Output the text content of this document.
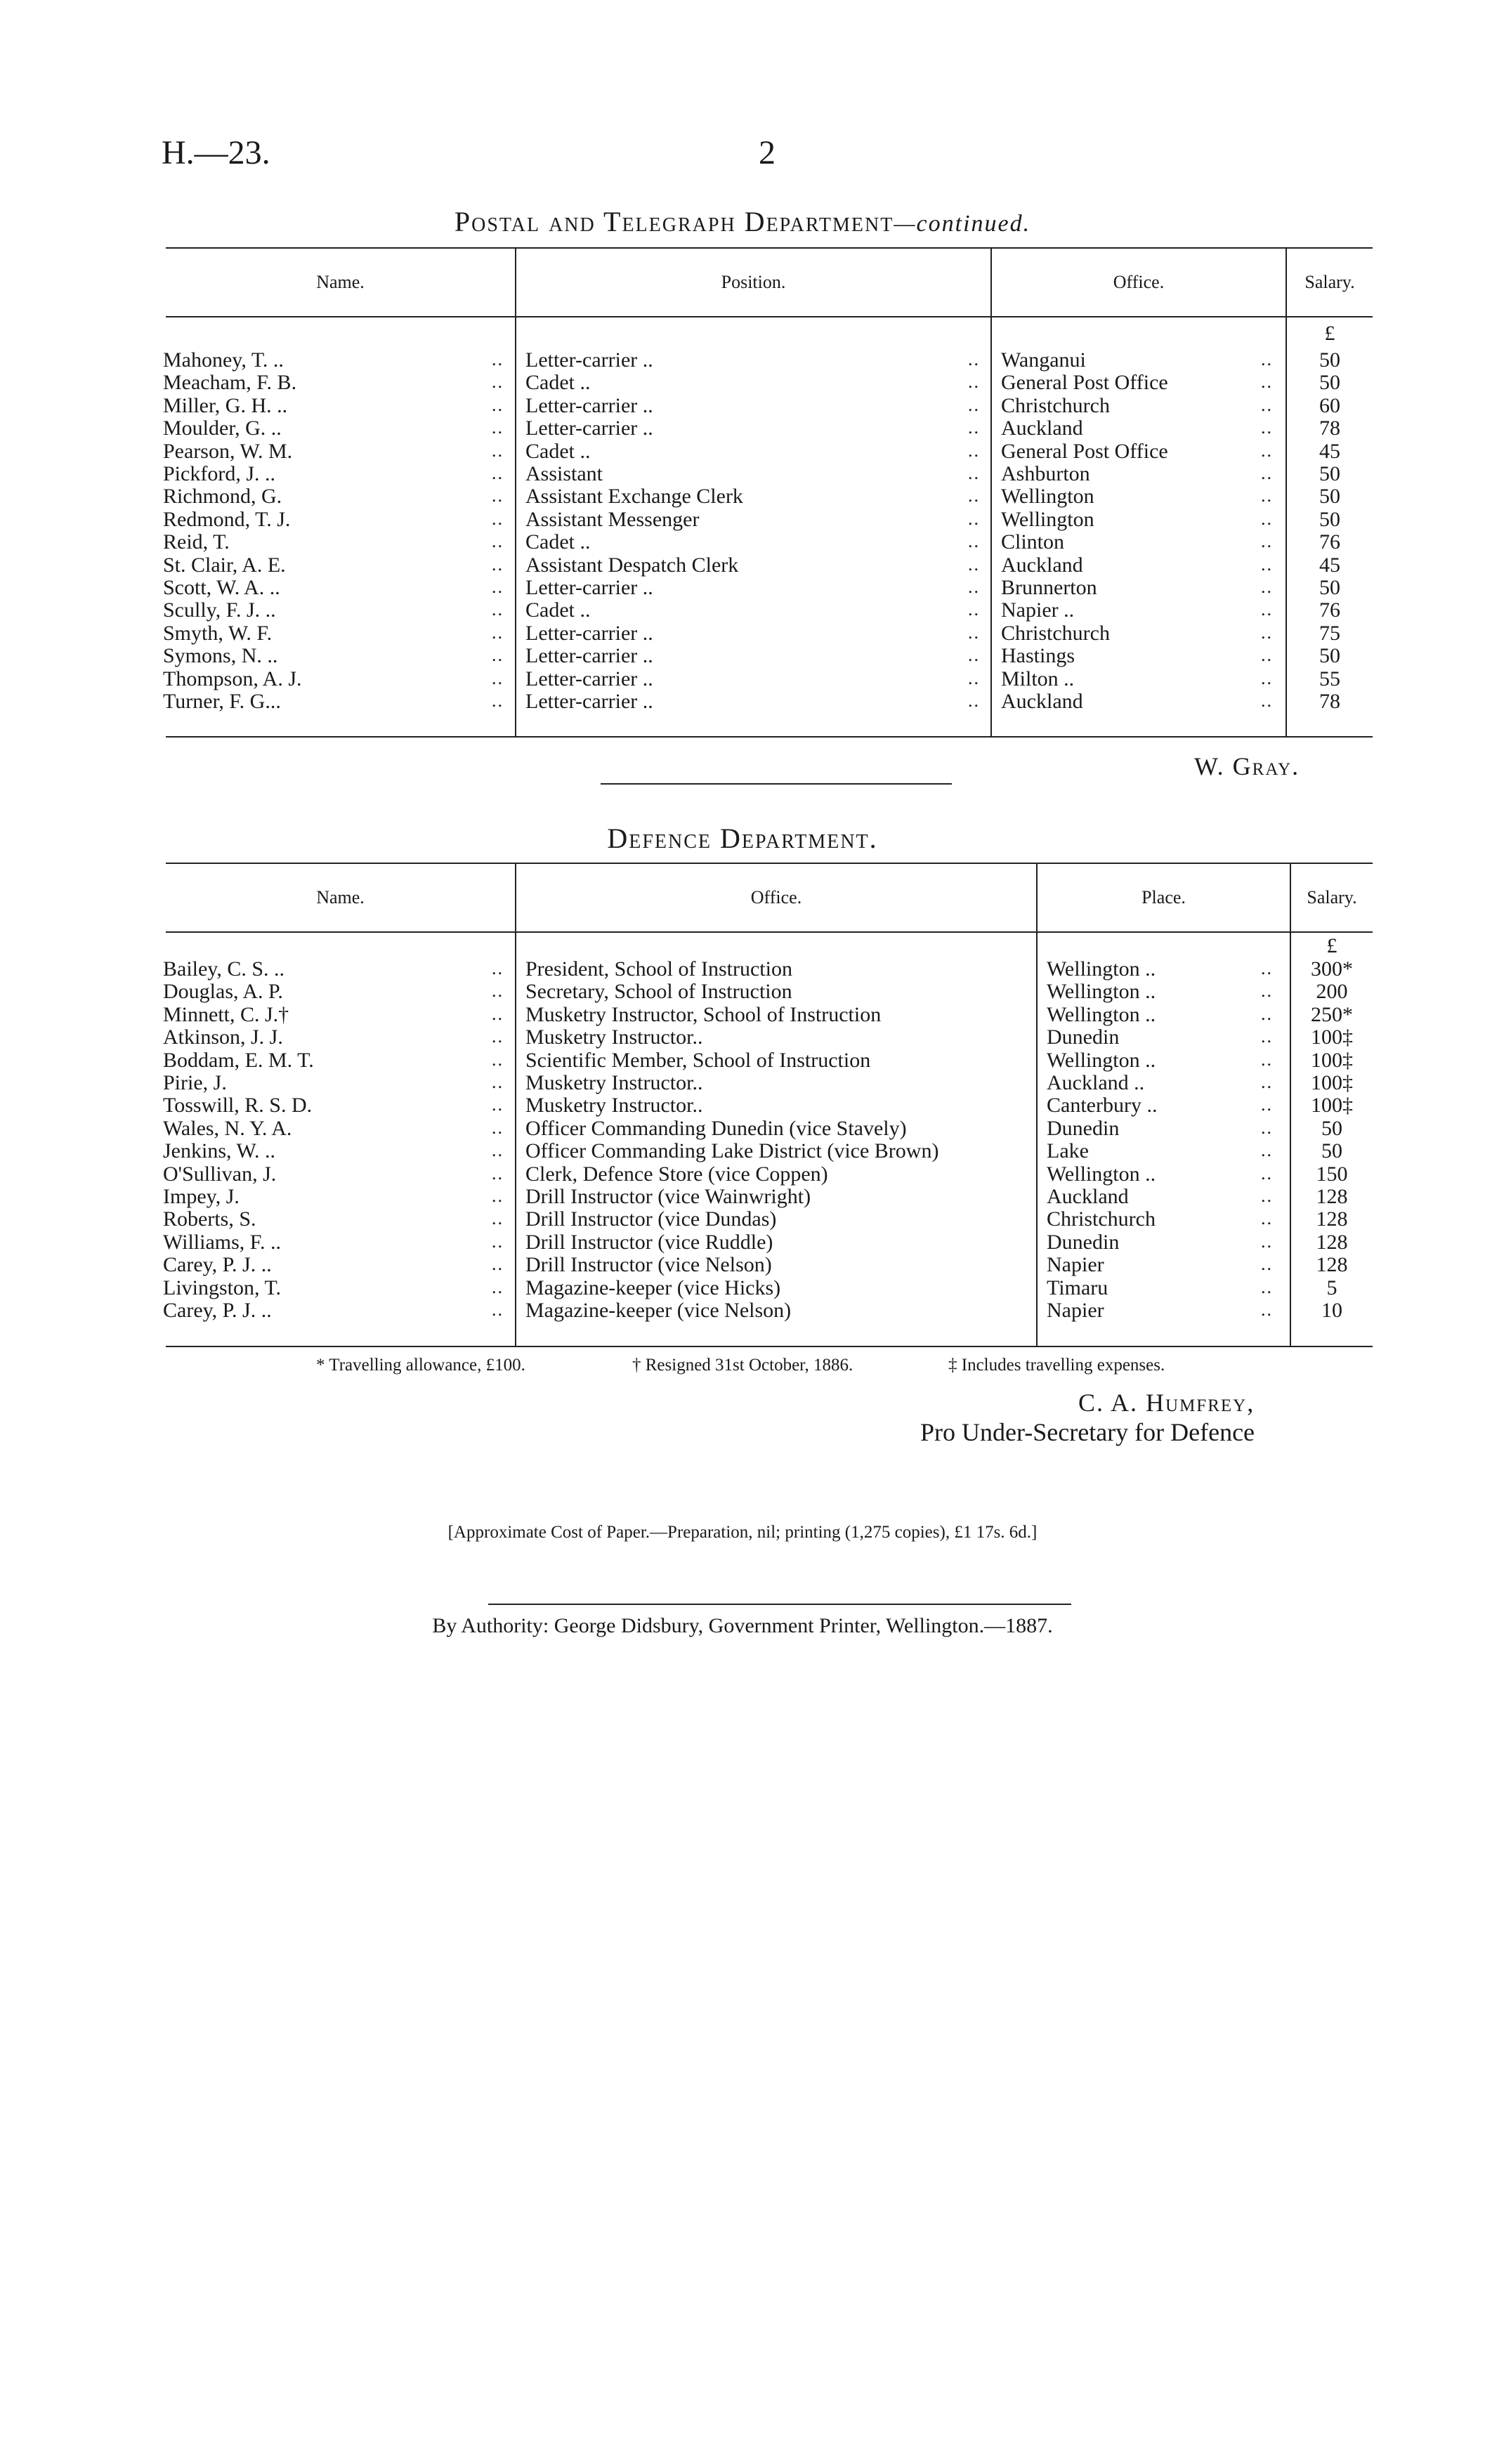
H.—23.	2
Postal and Telegraph Department—continued.
Name.	Position.	Office.	Salary.
£
Mahoney, T. ..	.. Letter-carrier ..	.. Wanganui	..	50
Meacham, F. B.	.. Cadet ..	.. General Post Office	..	50
Miller, G. H. ..	.. Letter-carrier ..	.. Christchurch	..	60
Moulder, G. ..	.. Letter-carrier ..	.. Auckland	..	78
Pearson, W. M.	.. Cadet ..	.. General Post Office	..	45
Pickford, J. ..	.. Assistant	.. Ashburton	..	50
Richmond, G.	.. Assistant Exchange Clerk	.. Wellington	..	50
Redmond, T. J.	.. Assistant Messenger	.. Wellington	..	50
Reid, T.	.. Cadet ..	.. Clinton	..	76
St. Clair, A. E.	.. Assistant Despatch Clerk	.. Auckland	..	45
Scott, W. A. ..	.. Letter-carrier ..	.. Brunnerton	..	50
Scully, F. J. ..	.. Cadet ..	.. Napier ..	..	76
Smyth, W. F.	.. Letter-carrier ..	.. Christchurch	..	75
Symons, N. ..	.. Letter-carrier ..	.. Hastings	..	50
Thompson, A. J.	.. Letter-carrier ..	.. Milton ..	..	55
Turner, F. G...	.. Letter-carrier ..	.. Auckland	..	78
W. Gray.
Defence Department.
Name.	Office.	Place.	Salary.
£
Bailey, C. S. ..	.. President, School of Instruction	Wellington ..	..	300*
Douglas, A. P.	.. Secretary, School of Instruction	Wellington ..	..	200
Minnett, C. J.†	.. Musketry Instructor, School of Instruction	Wellington ..	..	250*
Atkinson, J. J.	.. Musketry Instructor..	Dunedin	..	100‡
Boddam, E. M. T.	.. Scientific Member, School of Instruction	Wellington ..	..	100‡
Pirie, J.	.. Musketry Instructor..	Auckland ..	..	100‡
Tosswill, R. S. D.	.. Musketry Instructor..	Canterbury ..	..	100‡
Wales, N. Y. A.	.. Officer Commanding Dunedin (vice Stavely)	Dunedin	..	50
Jenkins, W. ..	.. Officer Commanding Lake District (vice Brown)	Lake	..	50
O'Sullivan, J.	.. Clerk, Defence Store (vice Coppen)	Wellington ..	..	150
Impey, J.	.. Drill Instructor (vice Wainwright)	Auckland	..	128
Roberts, S.	.. Drill Instructor (vice Dundas)	Christchurch	..	128
Williams, F. ..	.. Drill Instructor (vice Ruddle)	Dunedin	..	128
Carey, P. J. ..	.. Drill Instructor (vice Nelson)	Napier	..	128
Livingston, T.	.. Magazine-keeper (vice Hicks)	Timaru	..	5
Carey, P. J. ..	.. Magazine-keeper (vice Nelson)	Napier	..	10
* Travelling allowance, £100.	† Resigned 31st October, 1886.	‡ Includes travelling expenses.
C. A. Humfrey,
Pro Under-Secretary for Defence
[Approximate Cost of Paper.—Preparation, nil; printing (1,275 copies), £1 17s. 6d.]
By Authority: George Didsbury, Government Printer, Wellington.—1887.
